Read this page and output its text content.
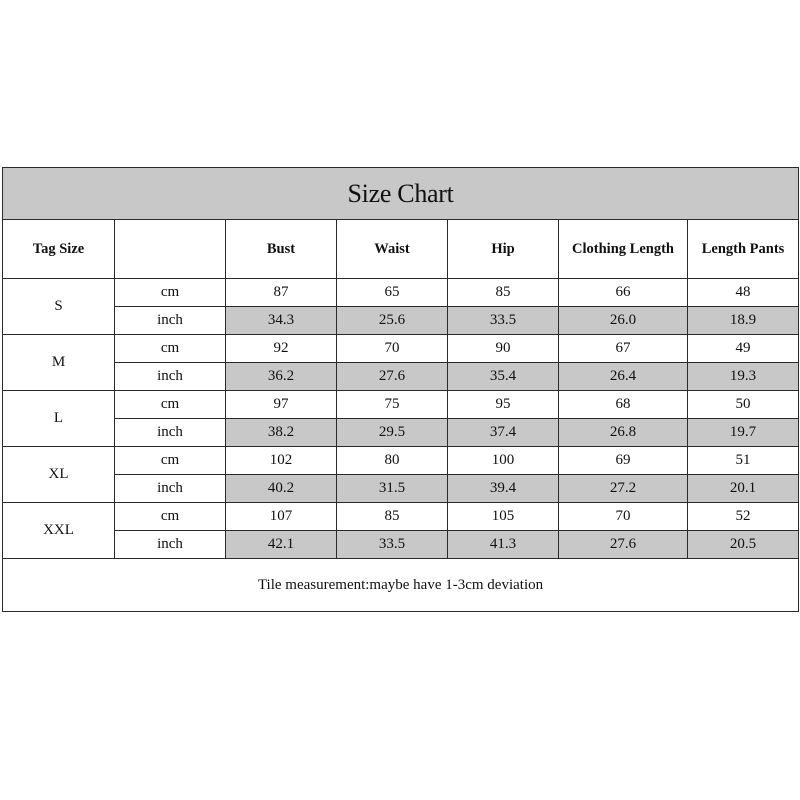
Size Chart						
Tag Size		Bust	Waist	Hip	Clothing Length	Length Pants
S	cm	87	65	85	66	48
	inch	34.3	25.6	33.5	26.0	18.9
M	cm	92	70	90	67	49
	inch	36.2	27.6	35.4	26.4	19.3
L	cm	97	75	95	68	50
	inch	38.2	29.5	37.4	26.8	19.7
XL	cm	102	80	100	69	51
	inch	40.2	31.5	39.4	27.2	20.1
XXL	cm	107	85	105	70	52
	inch	42.1	33.5	41.3	27.6	20.5
Tile measurement:maybe have 1-3cm deviation						
